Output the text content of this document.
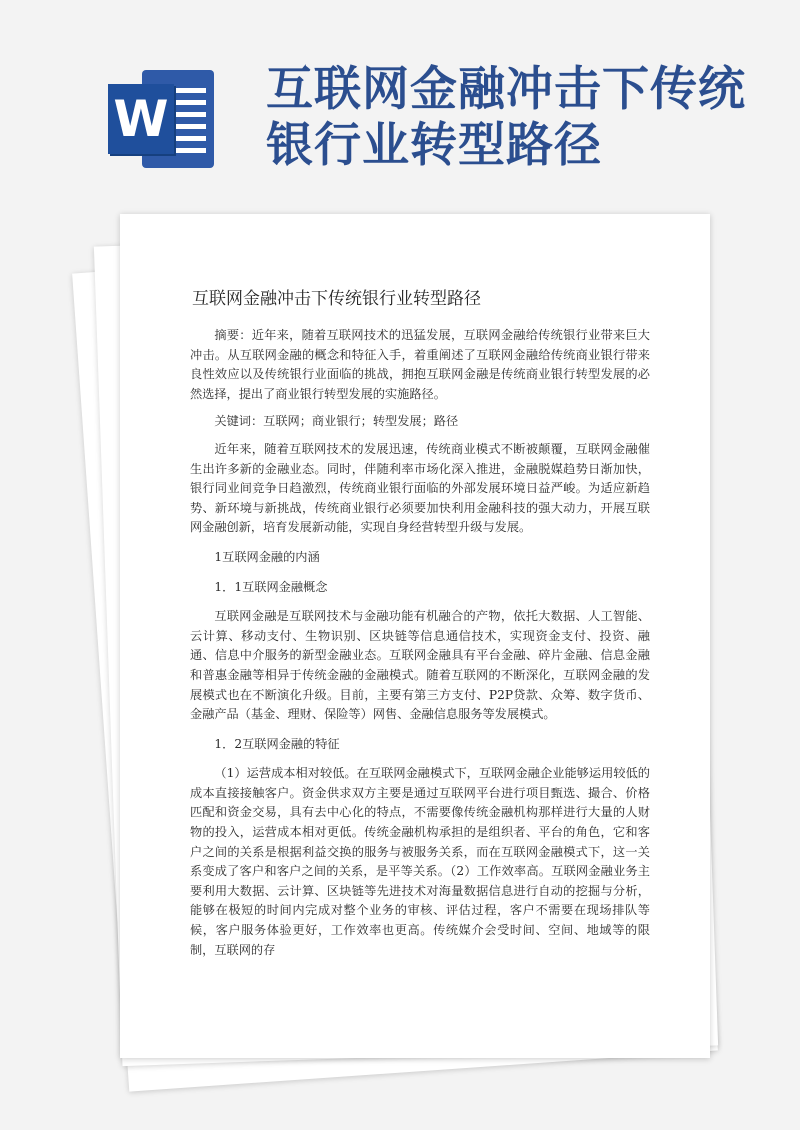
W
互联网金融冲击下传统银行业转型路径
互联网金融冲击下传统银行业转型路径

摘要：近年来，随着互联网技术的迅猛发展，互联网金融给传统银行业带来巨大冲击。从互联网金融的概念和特征入手，着重阐述了互联网金融给传统商业银行带来良性效应以及传统银行业面临的挑战，拥抱互联网金融是传统商业银行转型发展的必然选择，提出了商业银行转型发展的实施路径。

关键词：互联网；商业银行；转型发展；路径

近年来，随着互联网技术的发展迅速，传统商业模式不断被颠覆，互联网金融催生出许多新的金融业态。同时，伴随利率市场化深入推进，金融脱媒趋势日渐加快，银行同业间竞争日趋激烈，传统商业银行面临的外部发展环境日益严峻。为适应新趋势、新环境与新挑战，传统商业银行必须要加快利用金融科技的强大动力，开展互联网金融创新，培育发展新动能，实现自身经营转型升级与发展。

1互联网金融的内涵

1．1互联网金融概念

互联网金融是互联网技术与金融功能有机融合的产物，依托大数据、人工智能、云计算、移动支付、生物识别、区块链等信息通信技术，实现资金支付、投资、融通、信息中介服务的新型金融业态。互联网金融具有平台金融、碎片金融、信息金融和普惠金融等相异于传统金融的金融模式。随着互联网的不断深化，互联网金融的发展模式也在不断演化升级。目前，主要有第三方支付、P2P贷款、众筹、数字货币、金融产品（基金、理财、保险等）网售、金融信息服务等发展模式。

1．2互联网金融的特征

（1）运营成本相对较低。在互联网金融模式下，互联网金融企业能够运用较低的成本直接接触客户。资金供求双方主要是通过互联网平台进行项目甄选、撮合、价格匹配和资金交易，具有去中心化的特点，不需要像传统金融机构那样进行大量的人财物的投入，运营成本相对更低。传统金融机构承担的是组织者、平台的角色，它和客户之间的关系是根据利益交换的服务与被服务关系，而在互联网金融模式下，这一关系变成了客户和客户之间的关系，是平等关系。（2）工作效率高。互联网金融业务主要利用大数据、云计算、区块链等先进技术对海量数据信息进行自动的挖掘与分析，能够在极短的时间内完成对整个业务的审核、评估过程，客户不需要在现场排队等候，客户服务体验更好，工作效率也更高。传统媒介会受时间、空间、地域等的限制，互联网的存
